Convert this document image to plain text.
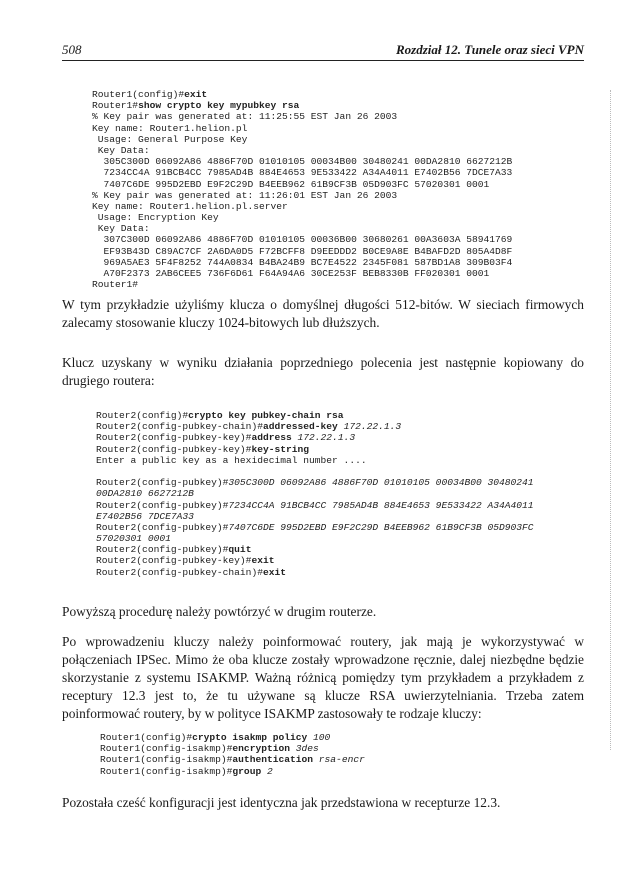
508	Rozdział 12. Tunele oraz sieci VPN
Router1(config)#exit
Router1#show crypto key mypubkey rsa
% Key pair was generated at: 11:25:55 EST Jan 26 2003
Key name: Router1.helion.pl
Usage: General Purpose Key
Key Data:
305C300D 06092A86 4886F70D 01010105 00034B00 30480241 00DA2810 6627212B
7234CC4A 91BCB4CC 7985AD4B 884E4653 9E533422 A34A4011 E7402B56 7DCE7A33
7407C6DE 995D2EBD E9F2C29D B4EEB962 61B9CF3B 05D903FC 57020301 0001
% Key pair was generated at: 11:26:01 EST Jan 26 2003
Key name: Router1.helion.pl.server
Usage: Encryption Key
Key Data:
307C300D 06092A86 4886F70D 01010105 00036B00 30680261 00A3603A 58941769
EF93B43D C89AC7CF 2A6DA0D5 F72BCFF8 D9EEDDD2 B0CE9A8E B4BAFD2D 805A4D8F
969A5AE3 5F4F8252 744A0834 B4BA24B9 BC7E4522 2345F081 587BD1A8 309B03F4
A70F2373 2AB6CEE5 736F6D61 F64A94A6 30CE253F BEB8330B FF020301 0001
Router1#

W tym przykładzie użyliśmy klucza o domyślnej długości 512-bitów. W sieciach firmowych zalecamy stosowanie kluczy 1024-bitowych lub dłuższych.

Klucz uzyskany w wyniku działania poprzedniego polecenia jest następnie kopiowany do drugiego routera:

Router2(config)#crypto key pubkey-chain rsa
Router2(config-pubkey-chain)#addressed-key 172.22.1.3
Router2(config-pubkey-key)#address 172.22.1.3
Router2(config-pubkey-key)#key-string
Enter a public key as a hexidecimal number ....
Router2(config-pubkey)#305C300D 06092A86 4886F70D 01010105 00034B00 30480241
00DA2810 6627212B
Router2(config-pubkey)#7234CC4A 91BCB4CC 7985AD4B 884E4653 9E533422 A34A4011
E7402B56 7DCE7A33
Router2(config-pubkey)#7407C6DE 995D2EBD E9F2C29D B4EEB962 61B9CF3B 05D903FC
57020301 0001
Router2(config-pubkey)#quit
Router2(config-pubkey-key)#exit
Router2(config-pubkey-chain)#exit

Powyższą procedurę należy powtórzyć w drugim routerze.

Po wprowadzeniu kluczy należy poinformować routery, jak mają je wykorzystywać w połączeniach IPSec. Mimo że oba klucze zostały wprowadzone ręcznie, dalej niezbędne będzie skorzystanie z systemu ISAKMP. Ważną różnicą pomiędzy tym przykładem a przykładem z receptury 12.3 jest to, że tu używane są klucze RSA uwierzytelniania. Trzeba zatem poinformować routery, by w polityce ISAKMP zastosowały te rodzaje kluczy:

Router1(config)#crypto isakmp policy 100
Router1(config-isakmp)#encryption 3des
Router1(config-isakmp)#authentication rsa-encr
Router1(config-isakmp)#group 2

Pozostała cześć konfiguracji jest identyczna jak przedstawiona w recepturze 12.3.
